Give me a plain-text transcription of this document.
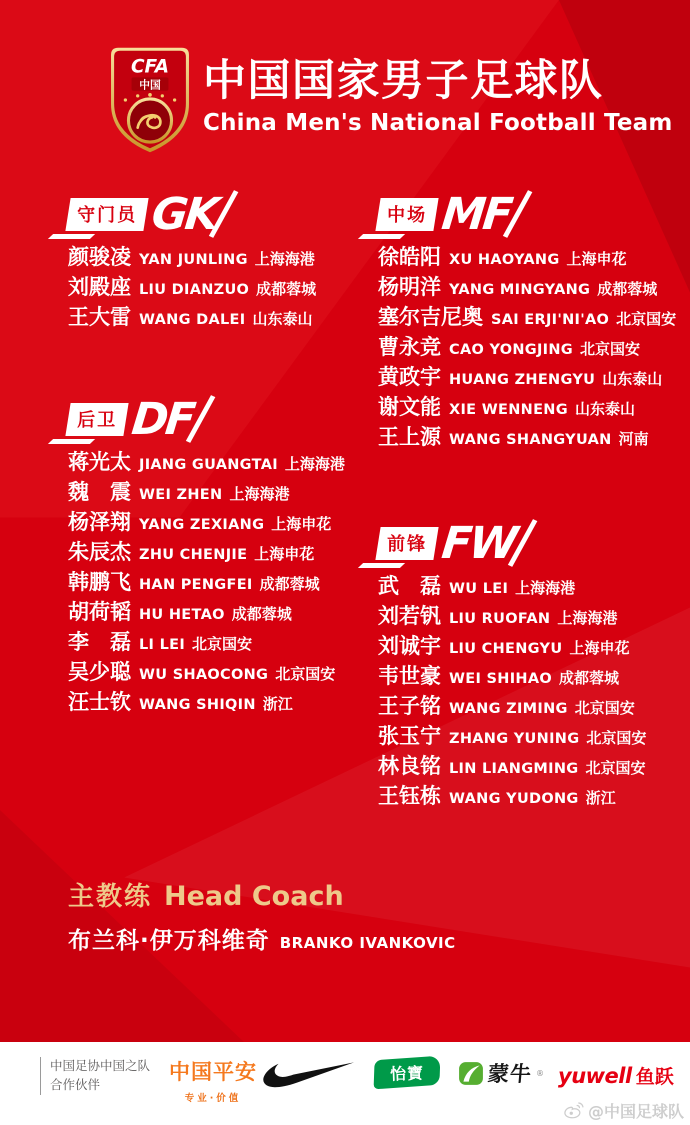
CFA
中国 中国国家男子足球队
China Men's National Football Team
守门员 GK
颜骏凌 YAN JUNLING 上海海港
刘殿座 LIU DIANZUO 成都蓉城
王大雷 WANG DALEI 山东泰山
后卫 DF
蒋光太 JIANG GUANGTAI 上海海港
魏震 WEI ZHEN 上海海港
杨泽翔 YANG ZEXIANG 上海申花
朱辰杰 ZHU CHENJIE 上海申花
韩鹏飞 HAN PENGFEI 成都蓉城
胡荷韬 HU HETAO 成都蓉城
李磊 LI LEI 北京国安
吴少聪 WU SHAOCONG 北京国安
汪士钦 WANG SHIQIN 浙江
中场 MF
徐皓阳 XU HAOYANG 上海申花
杨明洋 YANG MINGYANG 成都蓉城
塞尔吉尼奥 SAI ERJI'NI'AO 北京国安
曹永竞 CAO YONGJING 北京国安
黄政宇 HUANG ZHENGYU 山东泰山
谢文能 XIE WENNENG 山东泰山
王上源 WANG SHANGYUAN 河南
前锋 FW
武磊 WU LEI 上海海港
刘若钒 LIU RUOFAN 上海海港
刘诚宇 LIU CHENGYU 上海申花
韦世豪 WEI SHIHAO 成都蓉城
王子铭 WANG ZIMING 北京国安
张玉宁 ZHANG YUNING 北京国安
林良铭 LIN LIANGMING 北京国安
王钰栋 WANG YUDONG 浙江
主教练 Head Coach
布兰科·伊万科维奇 BRANKO IVANKOVIC
中国足协中国之队
合作伙伴
中国平安
专业·价值
怡寶	蒙牛 ® yuwell 鱼跃
@中国足球队
